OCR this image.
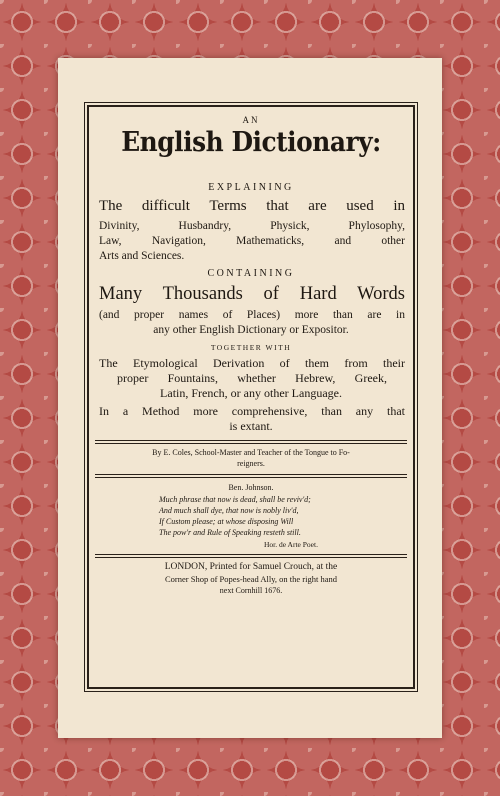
AN
English Dictionary:
EXPLAINING
The difficult Terms that are used in
Divinity, Husbandry, Physick, Phylosophy,
Law, Navigation, Mathematicks, and other
Arts and Sciences.
CONTAINING
Many Thousands of Hard Words
(and proper names of Places) more than are in
any other English Dictionary or Expositor.
TOGETHER WITH
The Etymological Derivation of them from their
proper Fountains, whether Hebrew, Greek,
Latin, French, or any other Language.
In a Method more comprehensive, than any that
is extant.
By E. Coles, School-Master and Teacher of the Tongue to Fo-
reigners.
Ben. Johnson.
Much phrase that now is dead, shall be reviv'd;
And much shall dye, that now is nobly liv'd,
If Custom please; at whose disposing Will
The pow'r and Rule of Speaking resteth still.
Hor. de Arte Poet.
LONDON, Printed for Samuel Crouch, at the
Corner Shop of Popes-head Ally, on the right hand
next Cornhill 1676.
